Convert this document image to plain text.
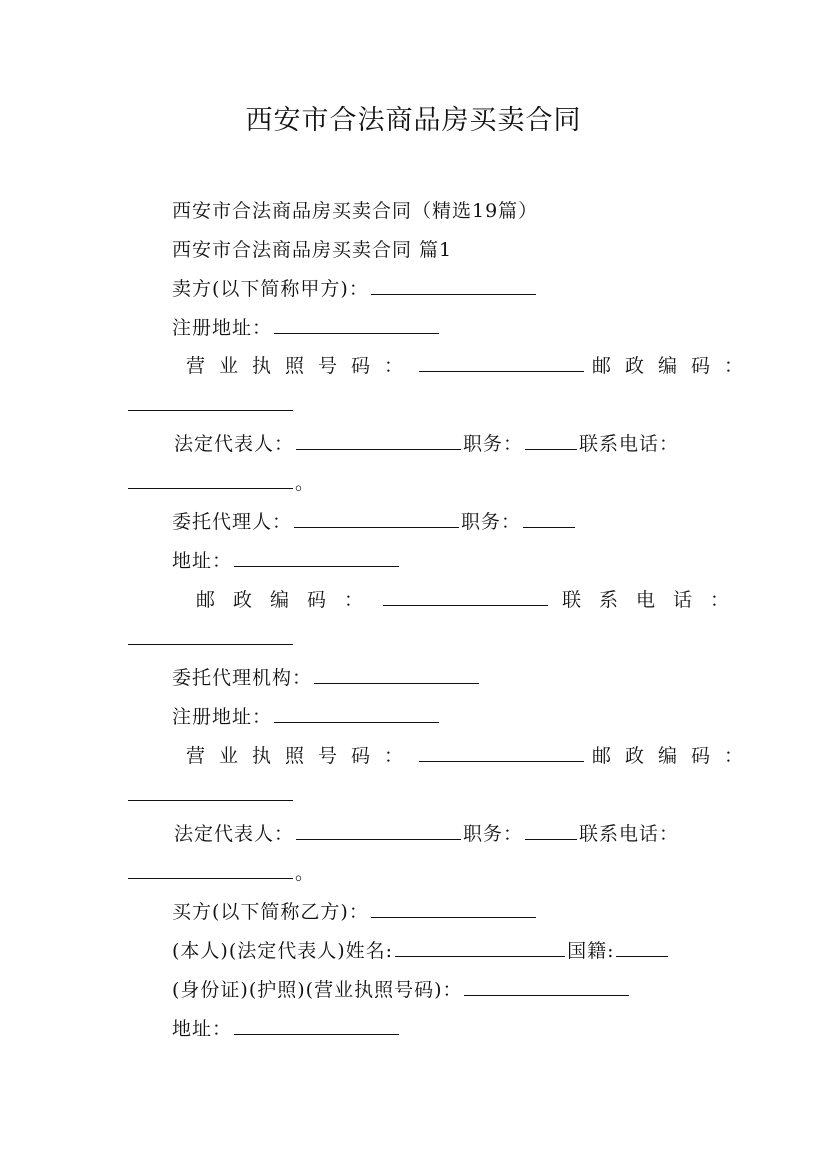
西安市合法商品房买卖合同
西安市合法商品房买卖合同（精选19篇）
西安市合法商品房买卖合同 篇1
卖方(以下简称甲方)：
注册地址：
营业执照号码：	邮政编码：
法定代表人：	职务：	联系电话：
。
委托代理人：	职务：
地址：
邮政编码：	联系电话：
委托代理机构：
注册地址：
营业执照号码：	邮政编码：
法定代表人：	职务：	联系电话：
。
买方(以下简称乙方)：
(本人)(法定代表人)姓名:	国籍:
(身份证)(护照)(营业执照号码)：
地址：
